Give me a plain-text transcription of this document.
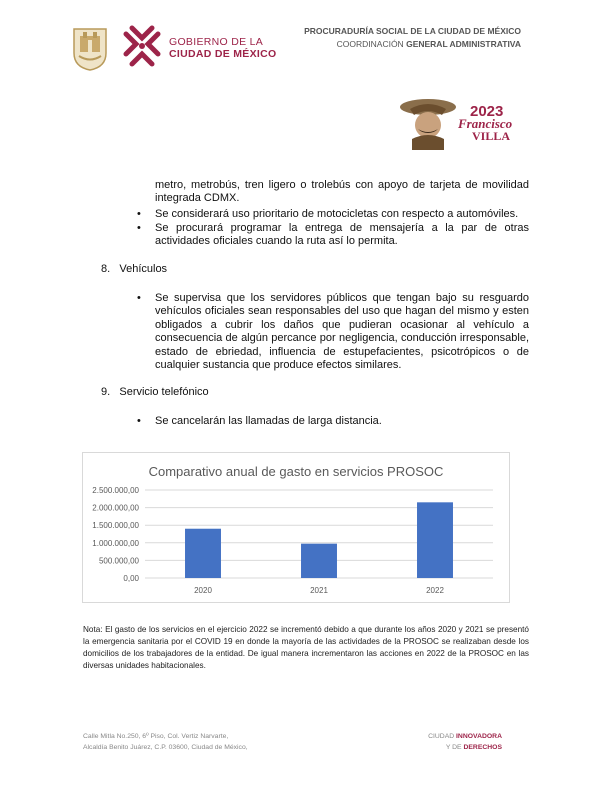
GOBIERNO DE LA
CIUDAD DE MÉXICO
PROCURADURÍA SOCIAL DE LA CIUDAD DE MÉXICO
COORDINACIÓN GENERAL ADMINISTRATIVA
2023
Francisco
VILLA
metro, metrobús, tren ligero o trolebús con apoyo de tarjeta de movilidad integrada CDMX.
• Se considerará uso prioritario de motocicletas con respecto a automóviles.
• Se procurará programar la entrega de mensajería a la par de otras actividades oficiales cuando la ruta así lo permita.
8. Vehículos
• Se supervisa que los servidores públicos que tengan bajo su resguardo vehículos oficiales sean responsables del uso que hagan del mismo y esten obligados a cubrir los daños que pudieran ocasionar al vehículo a consecuencia de algún percance por negligencia, conducción irresponsable, estado de ebriedad, influencia de estupefacientes, psicotrópicos o de cualquier sustancia que produce efectos similares.
9. Servicio telefónico
• Se cancelarán las llamadas de larga distancia.
Comparativo anual de gasto en servicios PROSOC
0,00
500.000,00
1.000.000,00
1.500.000,00
2.000.000,00
2.500.000,00
2020	2021	2022
Nota: El gasto de los servicios en el ejercicio 2022 se incrementó debido a que durante los años 2020 y 2021 se presentó la emergencia sanitaria por el COVID 19 en donde la mayoría de las actividades de la PROSOC se realizaban desde los domicilios de los trabajadores de la entidad. De igual manera incrementaron las acciones en 2022 de la PROSOC en las diversas unidades habitacionales.
Calle Mitla No.250, 6º Piso, Col. Vertiz Narvarte,
Alcaldía Benito Juárez, C.P. 03600, Ciudad de México,
CIUDAD INNOVADORA
Y DE DERECHOS
